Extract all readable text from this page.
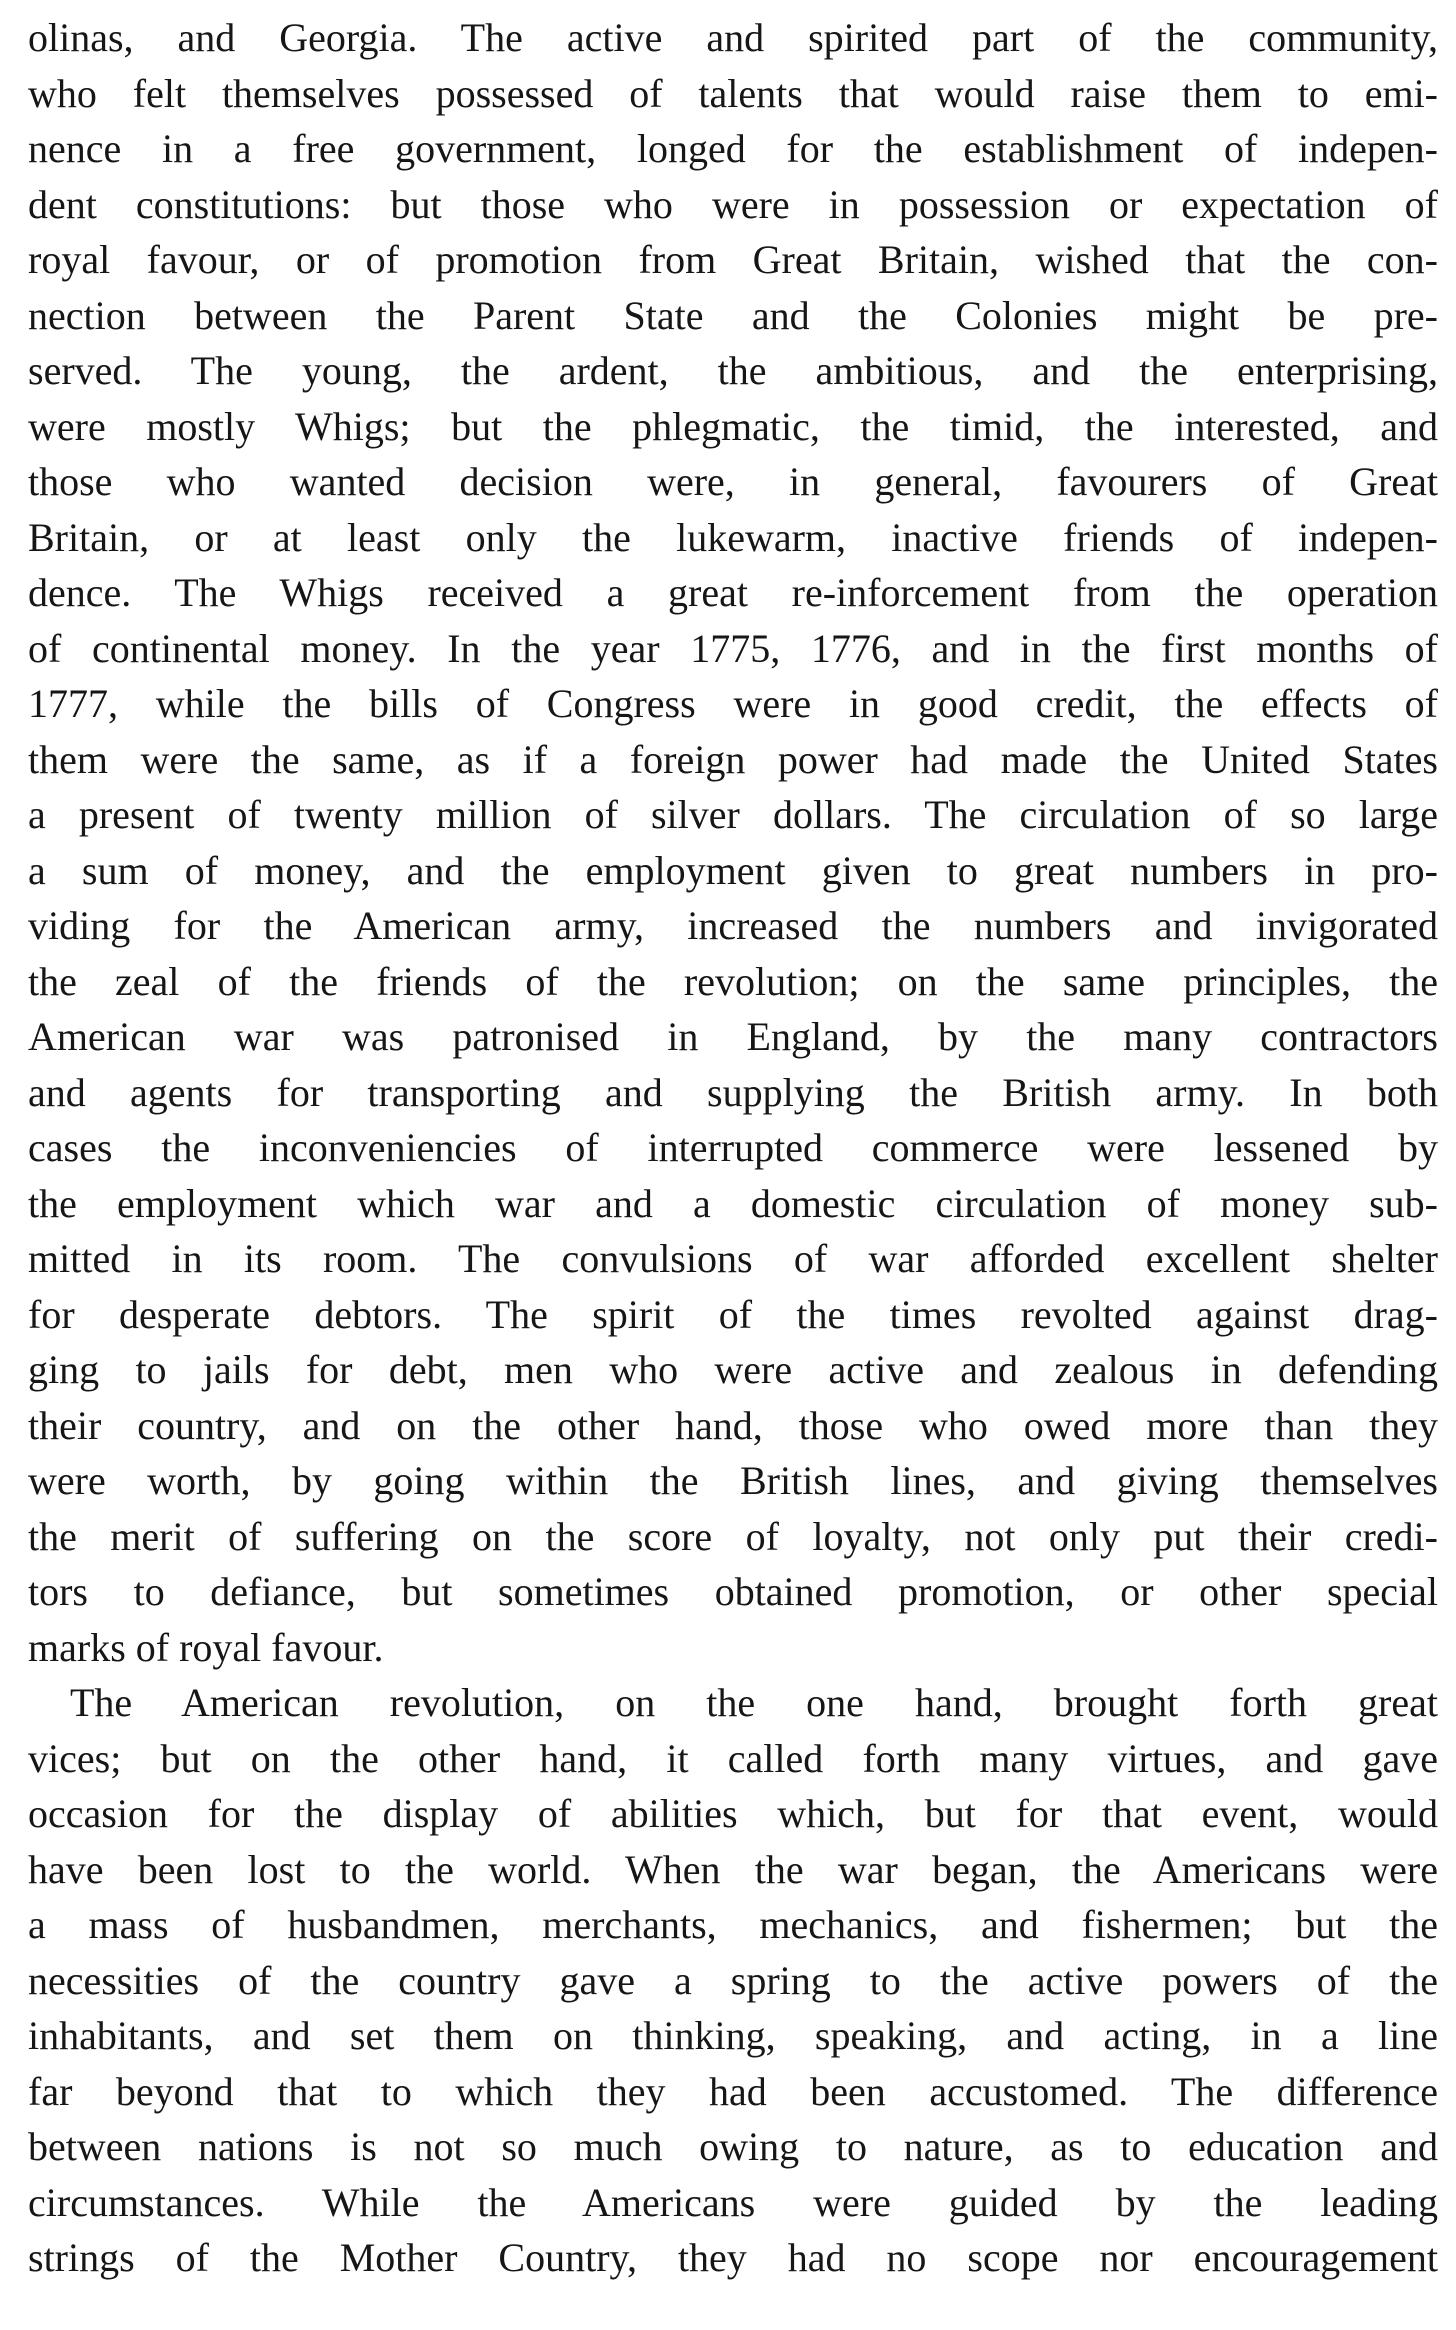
olinas, and Georgia. The active and spirited part of the community,
who felt themselves possessed of talents that would raise them to emi-
nence in a free government, longed for the establishment of indepen-
dent constitutions: but those who were in possession or expectation of
royal favour, or of promotion from Great Britain, wished that the con-
nection between the Parent State and the Colonies might be pre-
served. The young, the ardent, the ambitious, and the enterprising,
were mostly Whigs; but the phlegmatic, the timid, the interested, and
those who wanted decision were, in general, favourers of Great
Britain, or at least only the lukewarm, inactive friends of indepen-
dence. The Whigs received a great re-inforcement from the operation
of continental money. In the year 1775, 1776, and in the first months of
1777, while the bills of Congress were in good credit, the effects of
them were the same, as if a foreign power had made the United States
a present of twenty million of silver dollars. The circulation of so large
a sum of money, and the employment given to great numbers in pro-
viding for the American army, increased the numbers and invigorated
the zeal of the friends of the revolution; on the same principles, the
American war was patronised in England, by the many contractors
and agents for transporting and supplying the British army. In both
cases the inconveniencies of interrupted commerce were lessened by
the employment which war and a domestic circulation of money sub-
mitted in its room. The convulsions of war afforded excellent shelter
for desperate debtors. The spirit of the times revolted against drag-
ging to jails for debt, men who were active and zealous in defending
their country, and on the other hand, those who owed more than they
were worth, by going within the British lines, and giving themselves
the merit of suffering on the score of loyalty, not only put their credi-
tors to defiance, but sometimes obtained promotion, or other special
marks of royal favour.
The American revolution, on the one hand, brought forth great
vices; but on the other hand, it called forth many virtues, and gave
occasion for the display of abilities which, but for that event, would
have been lost to the world. When the war began, the Americans were
a mass of husbandmen, merchants, mechanics, and fishermen; but the
necessities of the country gave a spring to the active powers of the
inhabitants, and set them on thinking, speaking, and acting, in a line
far beyond that to which they had been accustomed. The difference
between nations is not so much owing to nature, as to education and
circumstances. While the Americans were guided by the leading
strings of the Mother Country, they had no scope nor encouragement
